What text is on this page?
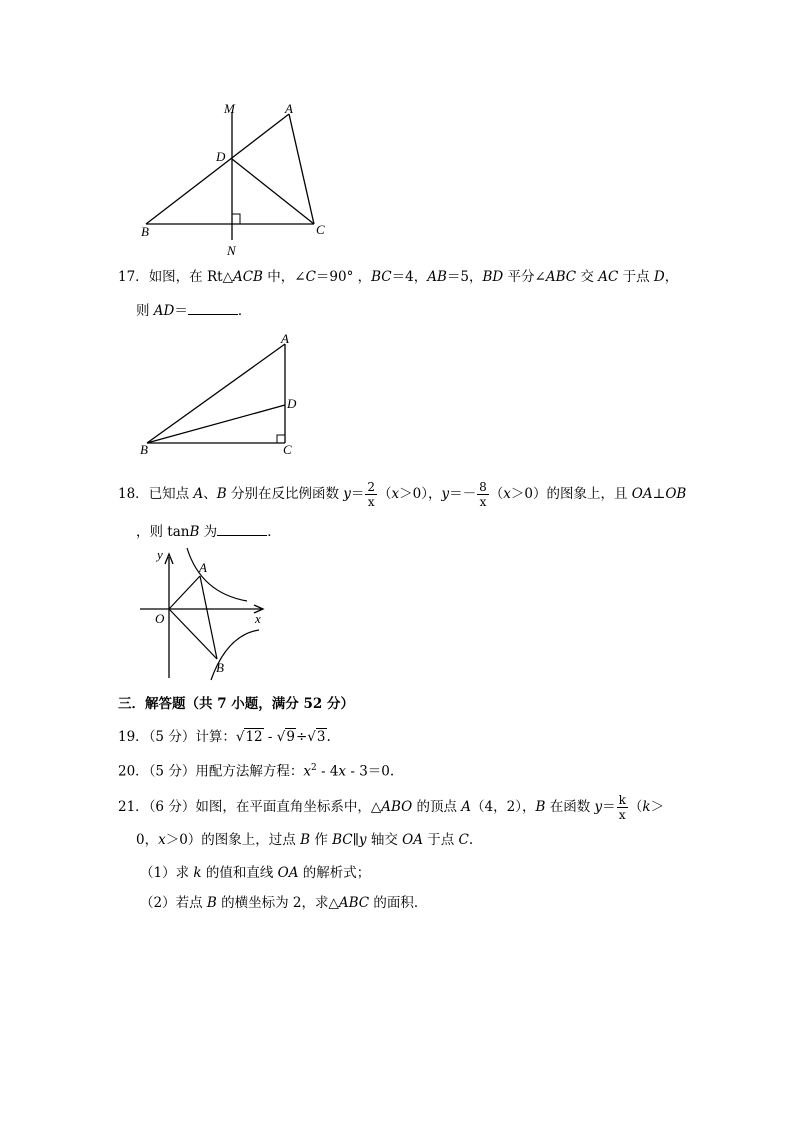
M	A
D
B
N
C
17．如图，在 Rt△ACB 中，∠C＝90° ，BC＝4，AB＝5，BD 平分∠ABC 交 AC 于点 D，
则 AD＝	．
A
D
B	C
18．已知点 A、B 分别在反比例函数 $y= \frac{2}{x} (x>0)$，$y=- \frac{8}{x} (x>0)$的图象上，且 OA⊥OB
，则 tanB 为	．
y
A
O	x
B
三．解答题（共 7 小题，满分 52 分）
19．（5 分）计算：√12 - √9÷√3.
20．（5 分）用配方法解方程：$x^2 - 4x - 3=0$.
21．（6 分）如图，在平面直角坐标系中，△ABO 的顶点 A（4，2），B 在函数 $y= \frac{k}{x} (k>$
0，x＞0）的图象上，过点 B 作 BC∥y 轴交 OA 于点 C.
（1）求 k 的值和直线 OA 的解析式；
（2）若点 B 的横坐标为 2，求△ABC 的面积．
